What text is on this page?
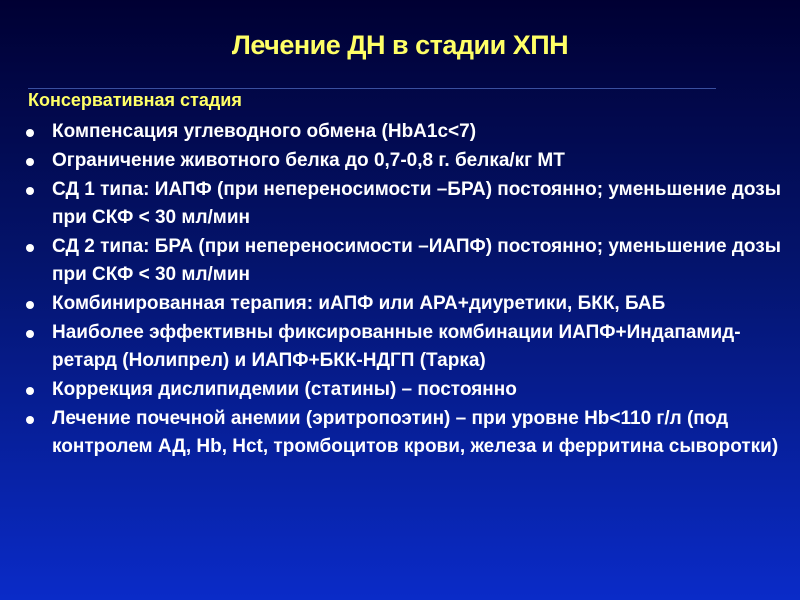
Лечение ДН в стадии ХПН
Консервативная стадия
Компенсация углеводного обмена (HbA1c<7)
Ограничение животного белка до 0,7-0,8 г. белка/кг МТ
СД 1 типа: ИАПФ (при непереносимости –БРА) постоянно; уменьшение дозы при СКФ < 30 мл/мин
СД 2 типа: БРА (при непереносимости –ИАПФ) постоянно; уменьшение дозы при СКФ < 30 мл/мин
Комбинированная терапия: иАПФ или АРА+диуретики, БКК, БАБ
Наиболее эффективны фиксированные комбинации ИАПФ+Индапамид-ретард (Нолипрел) и ИАПФ+БКК-НДГП (Тарка)
Коррекция дислипидемии (статины) – постоянно
Лечение почечной анемии (эритропоэтин) – при уровне Hb<110 г/л (под контролем АД, Hb, Hct, тромбоцитов крови, железа и ферритина сыворотки)
